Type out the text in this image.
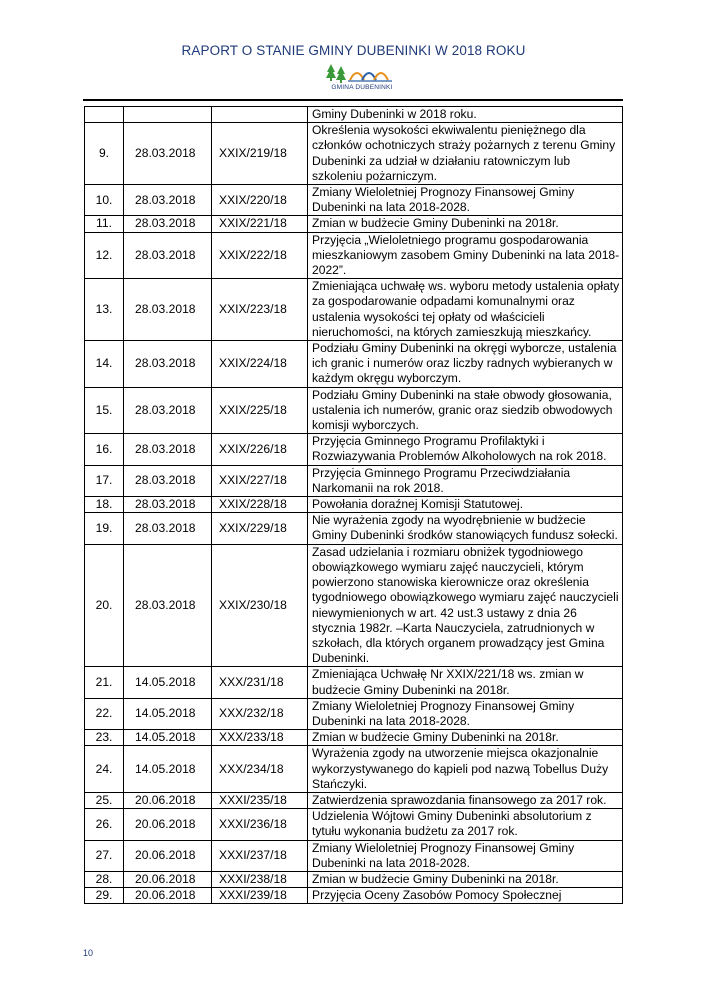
RAPORT O STANIE GMINY DUBENINKI W 2018 ROKU
GMINA DUBENINKI
			Gminy Dubeninki w 2018 roku.
9.	28.03.2018	XXIX/219/18	Określenia wysokości ekwiwalentu pieniężnego dla członków ochotniczych straży pożarnych z terenu Gminy Dubeninki za udział w działaniu ratowniczym lub szkoleniu pożarniczym.
10.	28.03.2018	XXIX/220/18	Zmiany Wieloletniej Prognozy Finansowej Gminy Dubeninki na lata 2018-2028.
11.	28.03.2018	XXIX/221/18	Zmian w budżecie Gminy Dubeninki na 2018r.
12.	28.03.2018	XXIX/222/18	Przyjęcia „Wieloletniego programu gospodarowania mieszkaniowym zasobem Gminy Dubeninki na lata 2018-2022”.
13.	28.03.2018	XXIX/223/18	Zmieniająca uchwałę ws. wyboru metody ustalenia opłaty za gospodarowanie odpadami komunalnymi oraz ustalenia wysokości tej opłaty od właścicieli nieruchomości, na których zamieszkują mieszkańcy.
14.	28.03.2018	XXIX/224/18	Podziału Gminy Dubeninki na okręgi wyborcze, ustalenia ich granic i numerów oraz liczby radnych wybieranych w każdym okręgu wyborczym.
15.	28.03.2018	XXIX/225/18	Podziału Gminy Dubeninki na stałe obwody głosowania, ustalenia ich numerów, granic oraz siedzib obwodowych komisji wyborczych.
16.	28.03.2018	XXIX/226/18	Przyjęcia Gminnego Programu Profilaktyki i Rozwiazywania Problemów Alkoholowych na rok 2018.
17.	28.03.2018	XXIX/227/18	Przyjęcia Gminnego Programu Przeciwdziałania Narkomanii na rok 2018.
18.	28.03.2018	XXIX/228/18	Powołania doraźnej Komisji Statutowej.
19.	28.03.2018	XXIX/229/18	Nie wyrażenia zgody na wyodrębnienie w budżecie Gminy Dubeninki środków stanowiących fundusz sołecki.
20.	28.03.2018	XXIX/230/18	Zasad udzielania i rozmiaru obniżek tygodniowego obowiązkowego wymiaru zajęć nauczycieli, którym powierzono stanowiska kierownicze oraz określenia tygodniowego obowiązkowego wymiaru zajęć nauczycieli niewymienionych w art. 42 ust.3 ustawy z dnia 26 stycznia 1982r. –Karta Nauczyciela, zatrudnionych w szkołach, dla których organem prowadzący jest Gmina Dubeninki.
21.	14.05.2018	XXX/231/18	Zmieniająca Uchwałę Nr XXIX/221/18 ws. zmian w budżecie Gminy Dubeninki na 2018r.
22.	14.05.2018	XXX/232/18	Zmiany Wieloletniej Prognozy Finansowej Gminy Dubeninki na lata 2018-2028.
23.	14.05.2018	XXX/233/18	Zmian w budżecie Gminy Dubeninki na 2018r.
24.	14.05.2018	XXX/234/18	Wyrażenia zgody na utworzenie miejsca okazjonalnie wykorzystywanego do kąpieli pod nazwą Tobellus Duży Stańczyki.
25.	20.06.2018	XXXI/235/18	Zatwierdzenia sprawozdania finansowego za 2017 rok.
26.	20.06.2018	XXXI/236/18	Udzielenia Wójtowi Gminy Dubeninki absolutorium z tytułu wykonania budżetu za 2017 rok.
27.	20.06.2018	XXXI/237/18	Zmiany Wieloletniej Prognozy Finansowej Gminy Dubeninki na lata 2018-2028.
28.	20.06.2018	XXXI/238/18	Zmian w budżecie Gminy Dubeninki na 2018r.
29.	20.06.2018	XXXI/239/18	Przyjęcia Oceny Zasobów Pomocy Społecznej
10
